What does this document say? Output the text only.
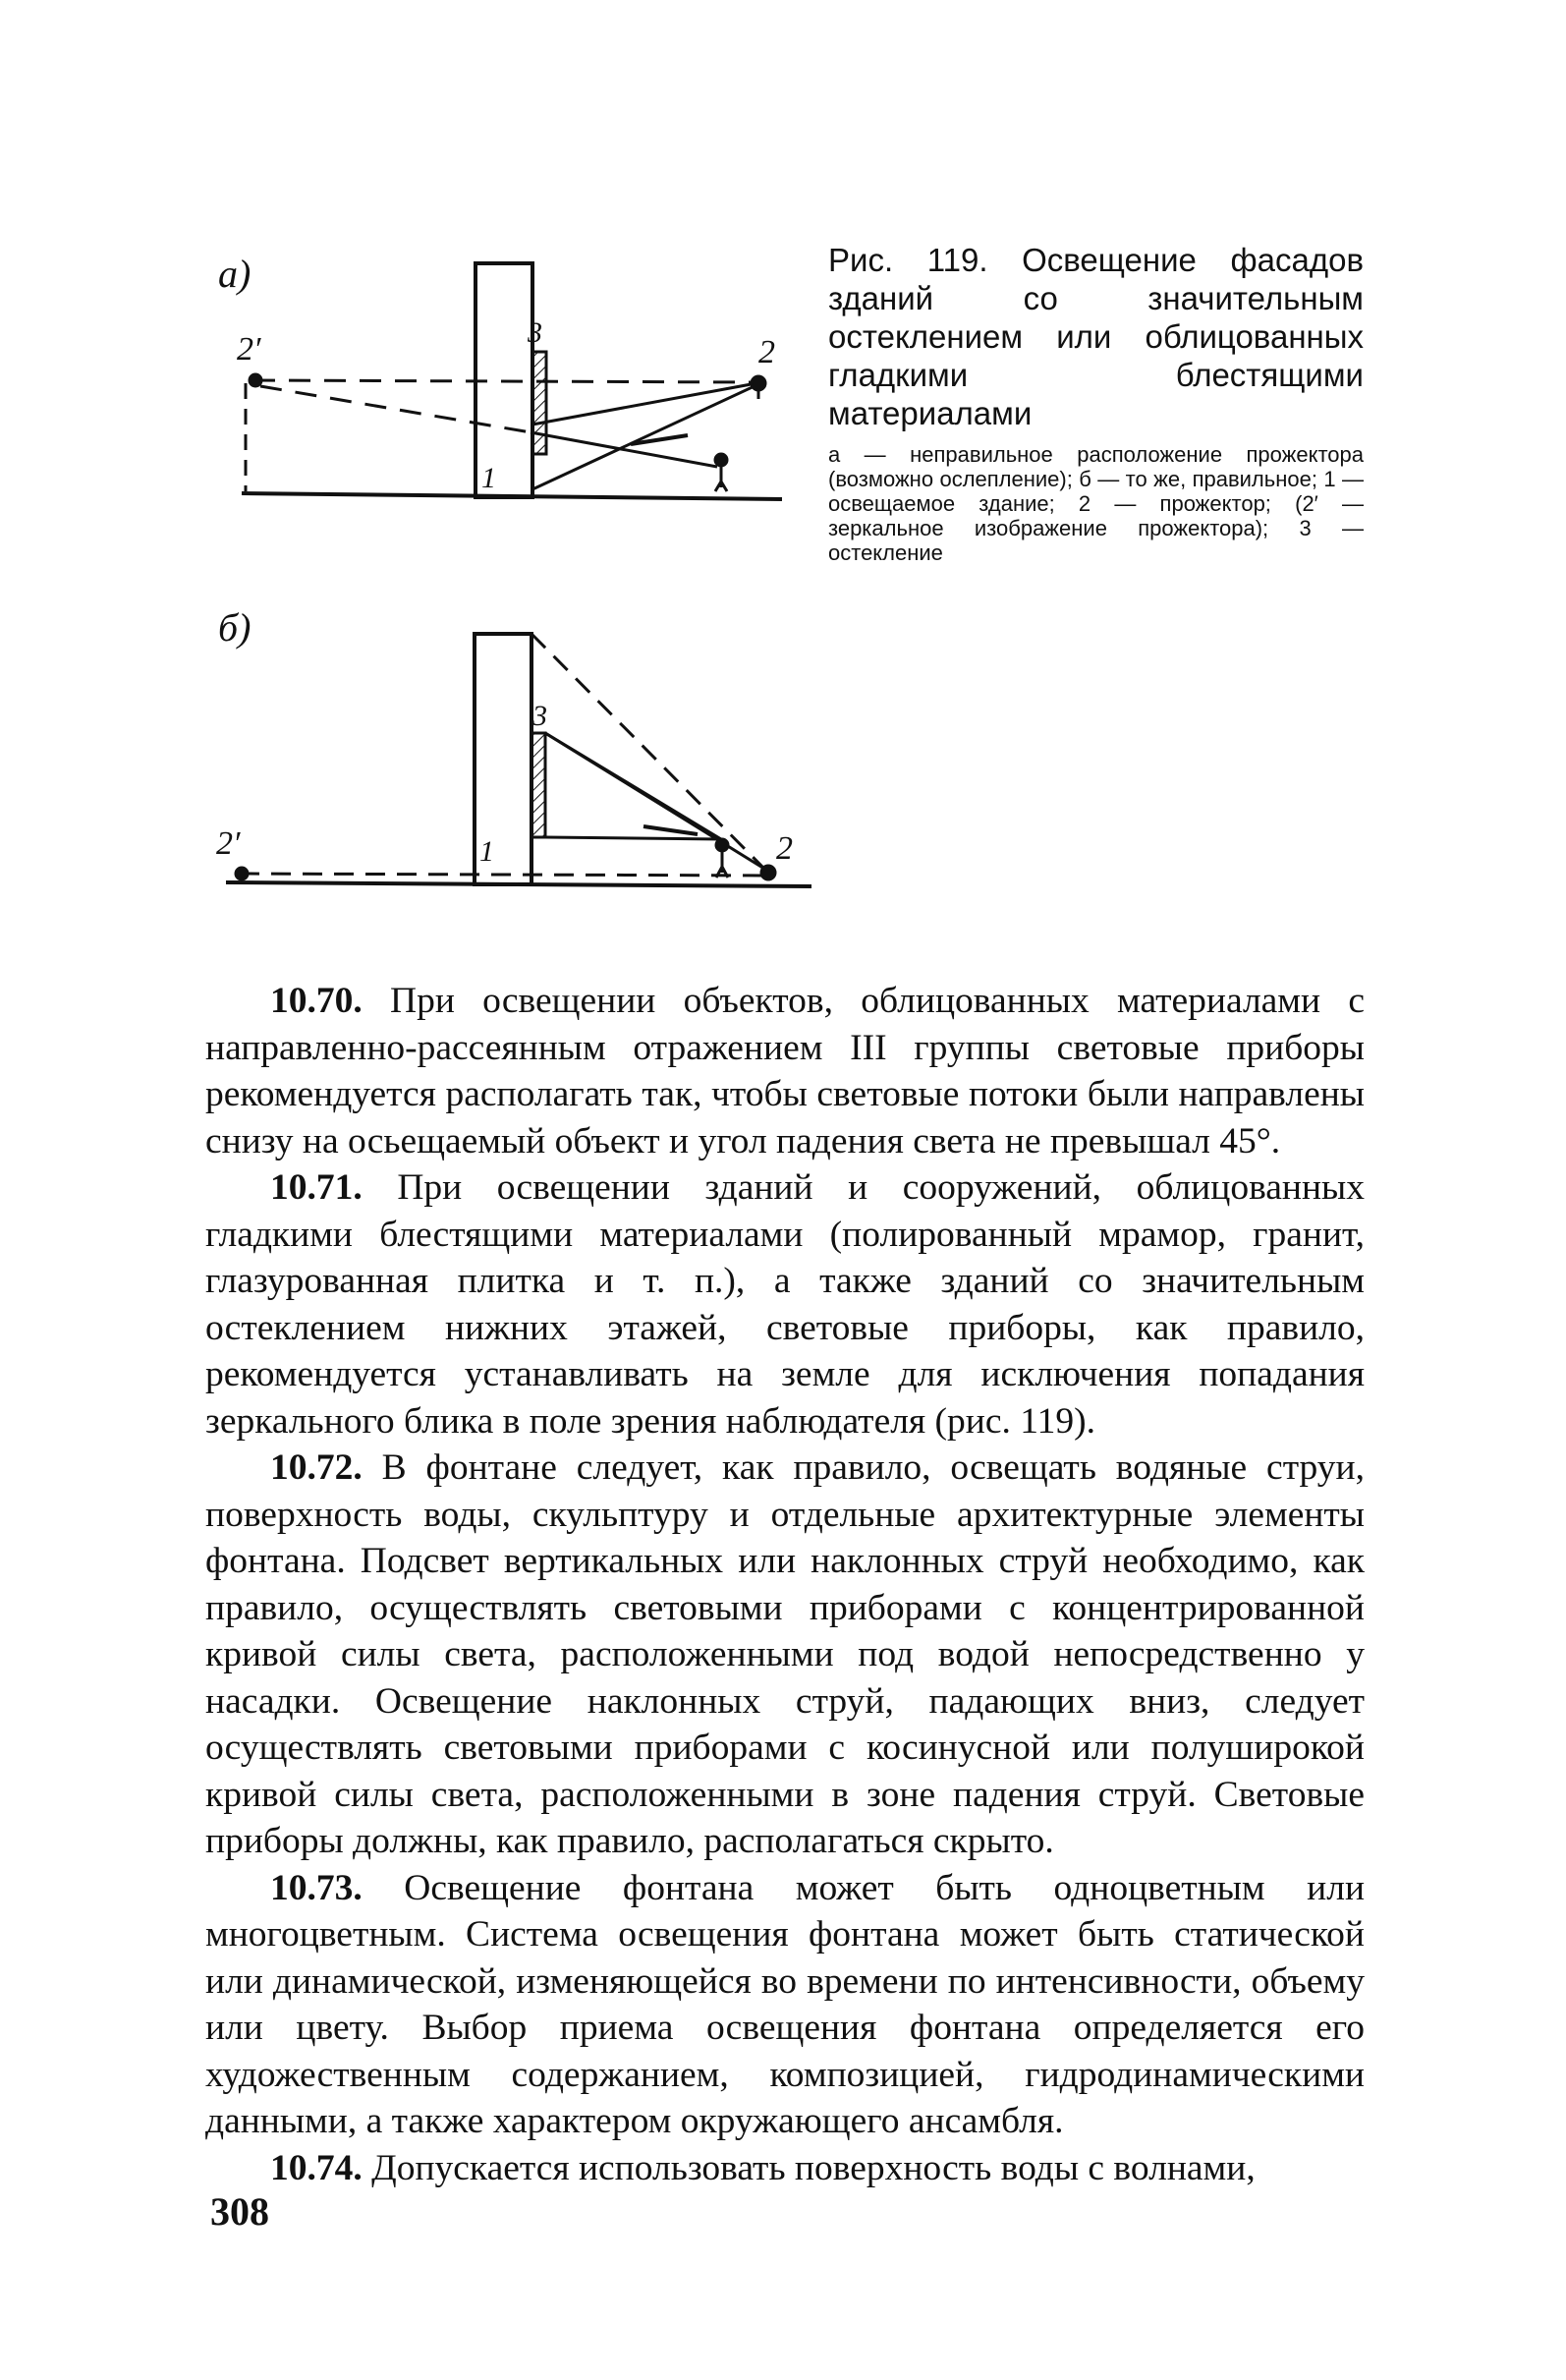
а)
б)
2′	2
3
1
2′	2
3
1
Рис. 119. Освещение фасадов зданий со значительным остеклением или облицованных гладкими блестящими материалами
а — неправильное расположение прожектора (возможно ослепление); б — то же, правильное; 1 — освещаемое здание; 2 — прожектор; (2′ — зеркальное изображение прожектора); 3 — остекление

10.70. При освещении объектов, облицованных материалами с направленно-рассеянным отражением III группы световые приборы рекомендуется располагать так, чтобы световые потоки были направлены снизу на осьещаемый объект и угол падения света не превышал 45°.

10.71. При освещении зданий и сооружений, облицованных гладкими блестящими материалами (полированный мрамор, гранит, глазурованная плитка и т. п.), а также зданий со значительным остеклением нижних этажей, световые приборы, как правило, рекомендуется устанавливать на земле для исключения попадания зеркального блика в поле зрения наблюдателя (рис. 119).

10.72. В фонтане следует, как правило, освещать водяные струи, поверхность воды, скульптуру и отдельные архитектурные элементы фонтана. Подсвет вертикальных или наклонных струй необходимо, как правило, осуществлять световыми приборами с концентрированной кривой силы света, расположенными под водой непосредственно у насадки. Освещение наклонных струй, падающих вниз, следует осуществлять световыми приборами с косинусной или полуширокой кривой силы света, расположенными в зоне падения струй. Световые приборы должны, как правило, располагаться скрыто.

10.73. Освещение фонтана может быть одноцветным или многоцветным. Система освещения фонтана может быть статической или динамической, изменяющейся во времени по интенсивности, объему или цвету. Выбор приема освещения фонтана определяется его художественным содержанием, композицией, гидродинамическими данными, а также характером окружающего ансамбля.

10.74. Допускается использовать поверхность воды с волнами,

308
